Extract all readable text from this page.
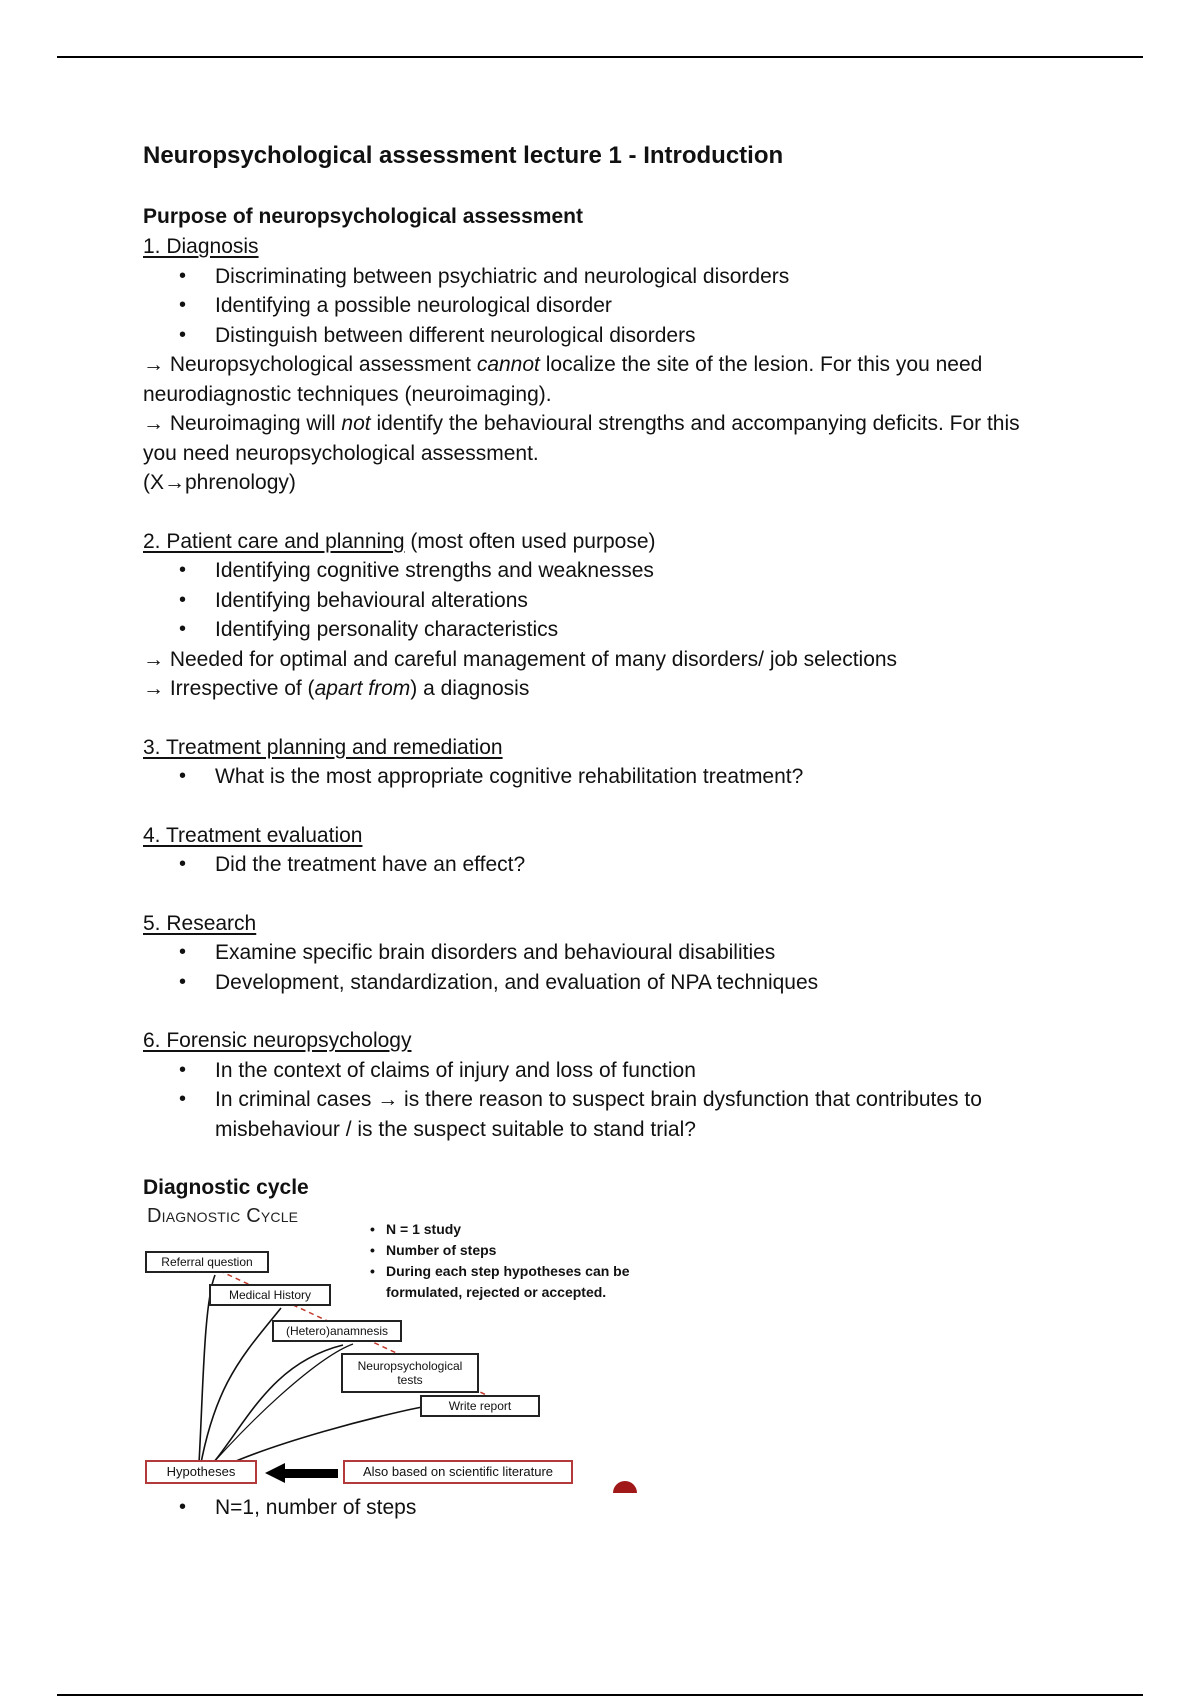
Neuropsychological assessment lecture 1 - Introduction
Purpose of neuropsychological assessment

1. Diagnosis

• Discriminating between psychiatric and neurological disorders
• Identifying a possible neurological disorder
• Distinguish between different neurological disorders

→ Neuropsychological assessment cannot localize the site of the lesion. For this you need neurodiagnostic techniques (neuroimaging).

→ Neuroimaging will not identify the behavioural strengths and accompanying deficits. For this you need neuropsychological assessment.

(X→phrenology)

2. Patient care and planning (most often used purpose)

• Identifying cognitive strengths and weaknesses
• Identifying behavioural alterations
• Identifying personality characteristics

→ Needed for optimal and careful management of many disorders/ job selections

→ Irrespective of (apart from) a diagnosis

3. Treatment planning and remediation

• What is the most appropriate cognitive rehabilitation treatment?

4. Treatment evaluation

• Did the treatment have an effect?

5. Research

• Examine specific brain disorders and behavioural disabilities
• Development, standardization, and evaluation of NPA techniques

6. Forensic neuropsychology

• In the context of claims of injury and loss of function
• In criminal cases → is there reason to suspect brain dysfunction that contributes to misbehaviour / is the suspect suitable to stand trial?
Diagnostic cycle
Diagnostic Cycle
Referral question
Medical History
(Hetero)anamnesis
Neuropsychological
tests
Write report
Hypotheses	Also based on scientific literature
• N = 1 study
• Number of steps
• During each step hypotheses can be
formulated, rejected or accepted.
• N=1, number of steps
